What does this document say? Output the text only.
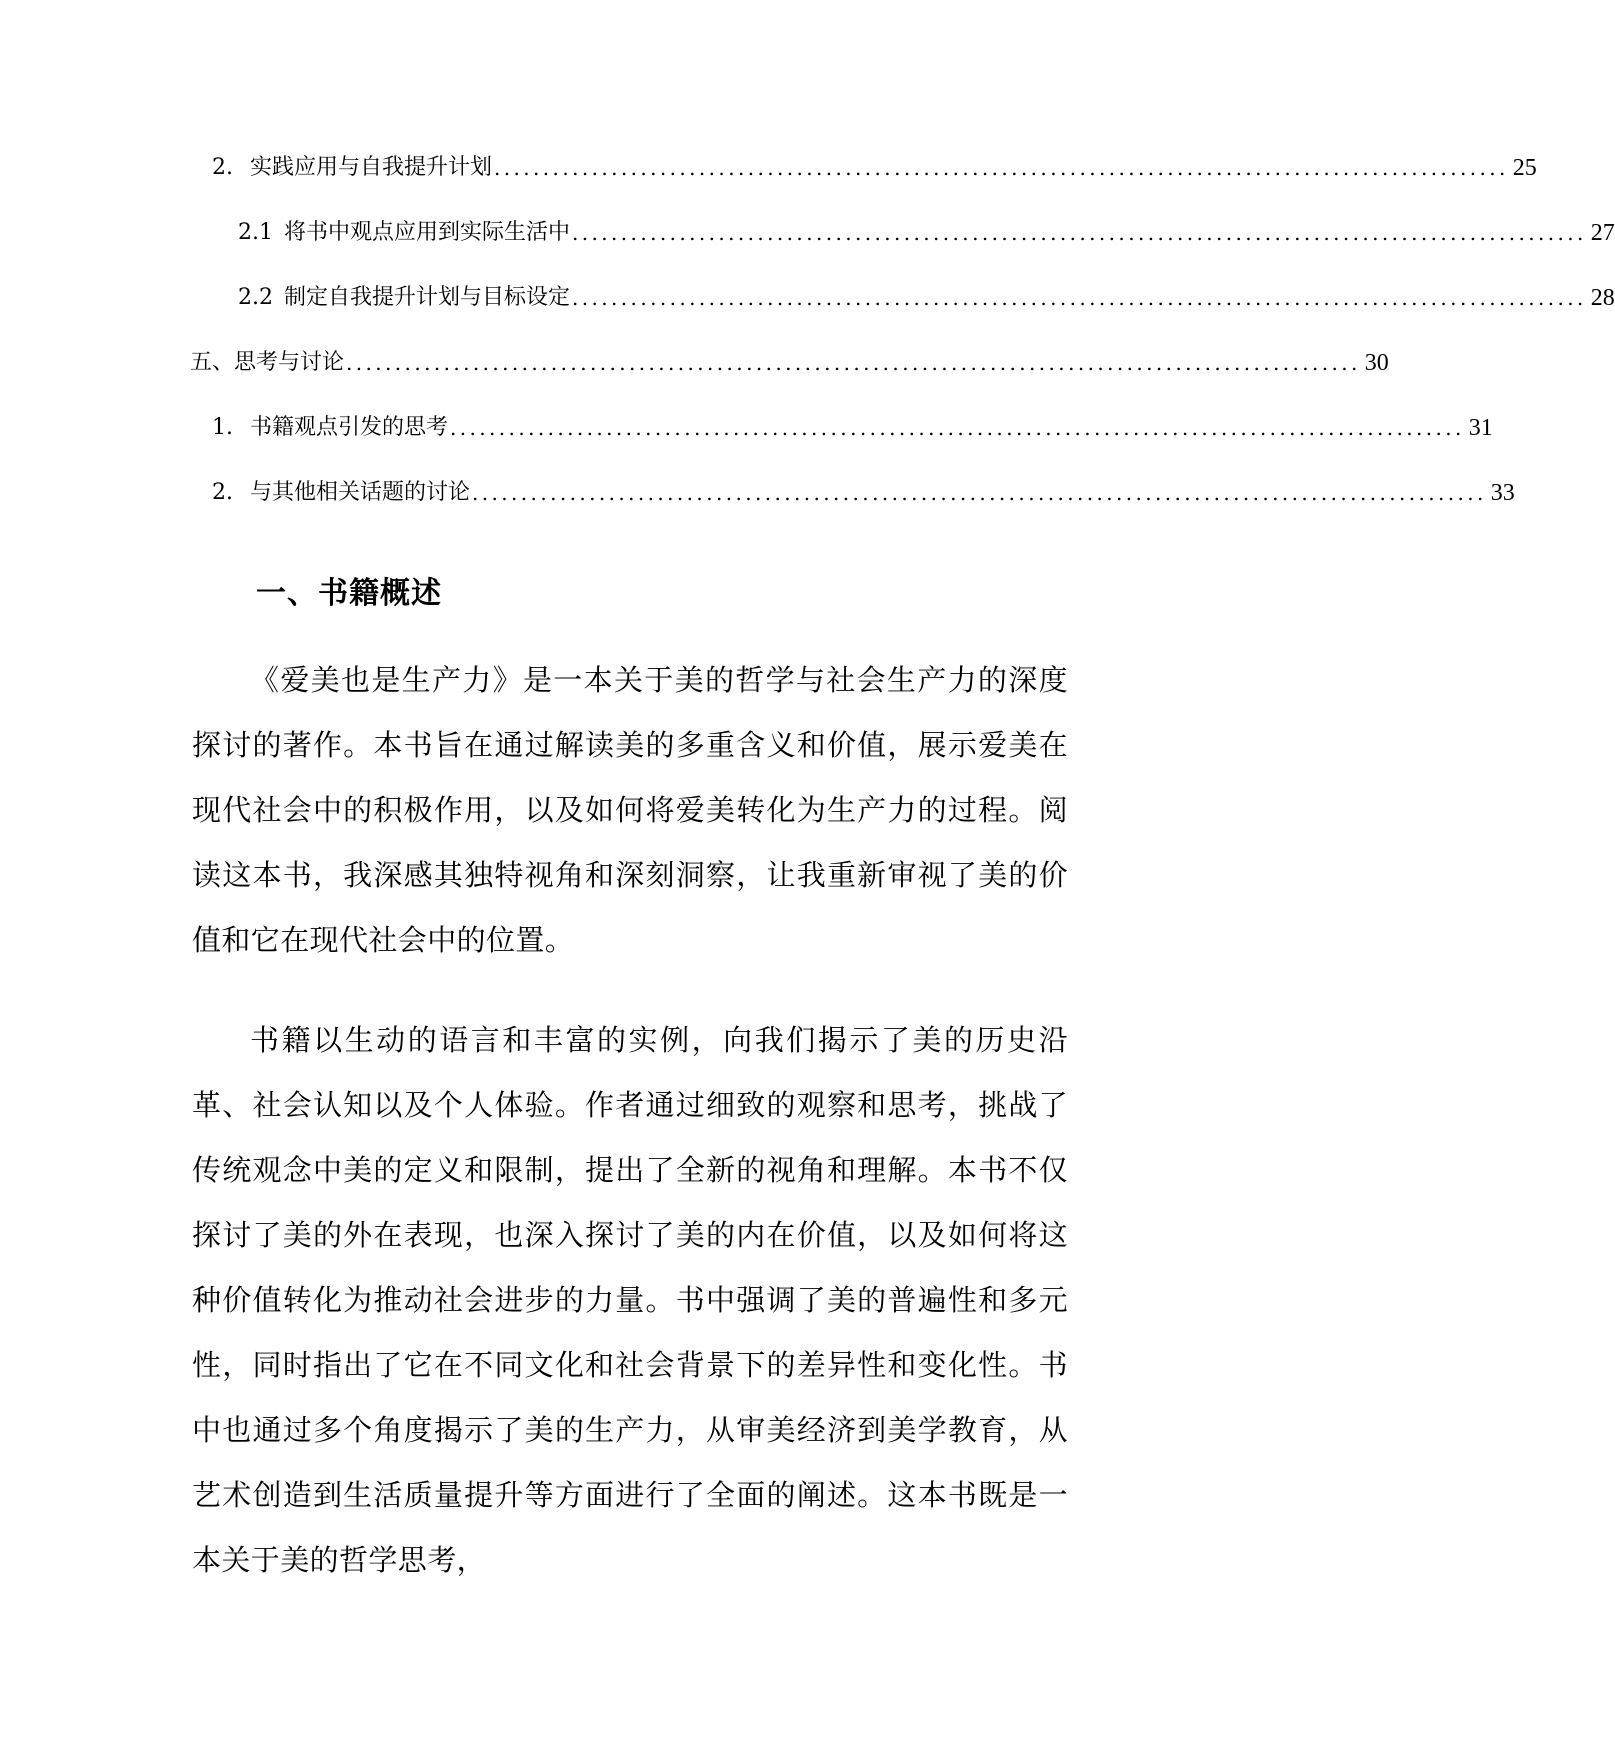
2. 实践应用与自我提升计划 ........................................................................................................ 25
2.1 将书中观点应用到实际生活中 ........................................................................................................ 27
2.2 制定自我提升计划与目标设定 ........................................................................................................ 28
五、思考与讨论 ........................................................................................................ 30
1. 书籍观点引发的思考 ........................................................................................................ 31
2. 与其他相关话题的讨论 ........................................................................................................ 33
一、书籍概述

《爱美也是生产力》是一本关于美的哲学与社会生产力的深度探讨的著作。本书旨在通过解读美的多重含义和价值，展示爱美在现代社会中的积极作用，以及如何将爱美转化为生产力的过程。阅读这本书，我深感其独特视角和深刻洞察，让我重新审视了美的价值和它在现代社会中的位置。

书籍以生动的语言和丰富的实例，向我们揭示了美的历史沿革、社会认知以及个人体验。作者通过细致的观察和思考，挑战了传统观念中美的定义和限制，提出了全新的视角和理解。本书不仅探讨了美的外在表现，也深入探讨了美的内在价值，以及如何将这种价值转化为推动社会进步的力量。书中强调了美的普遍性和多元性，同时指出了它在不同文化和社会背景下的差异性和变化性。书中也通过多个角度揭示了美的生产力，从审美经济到美学教育，从艺术创造到生活质量提升等方面进行了全面的阐述。这本书既是一本关于美的哲学思考，
